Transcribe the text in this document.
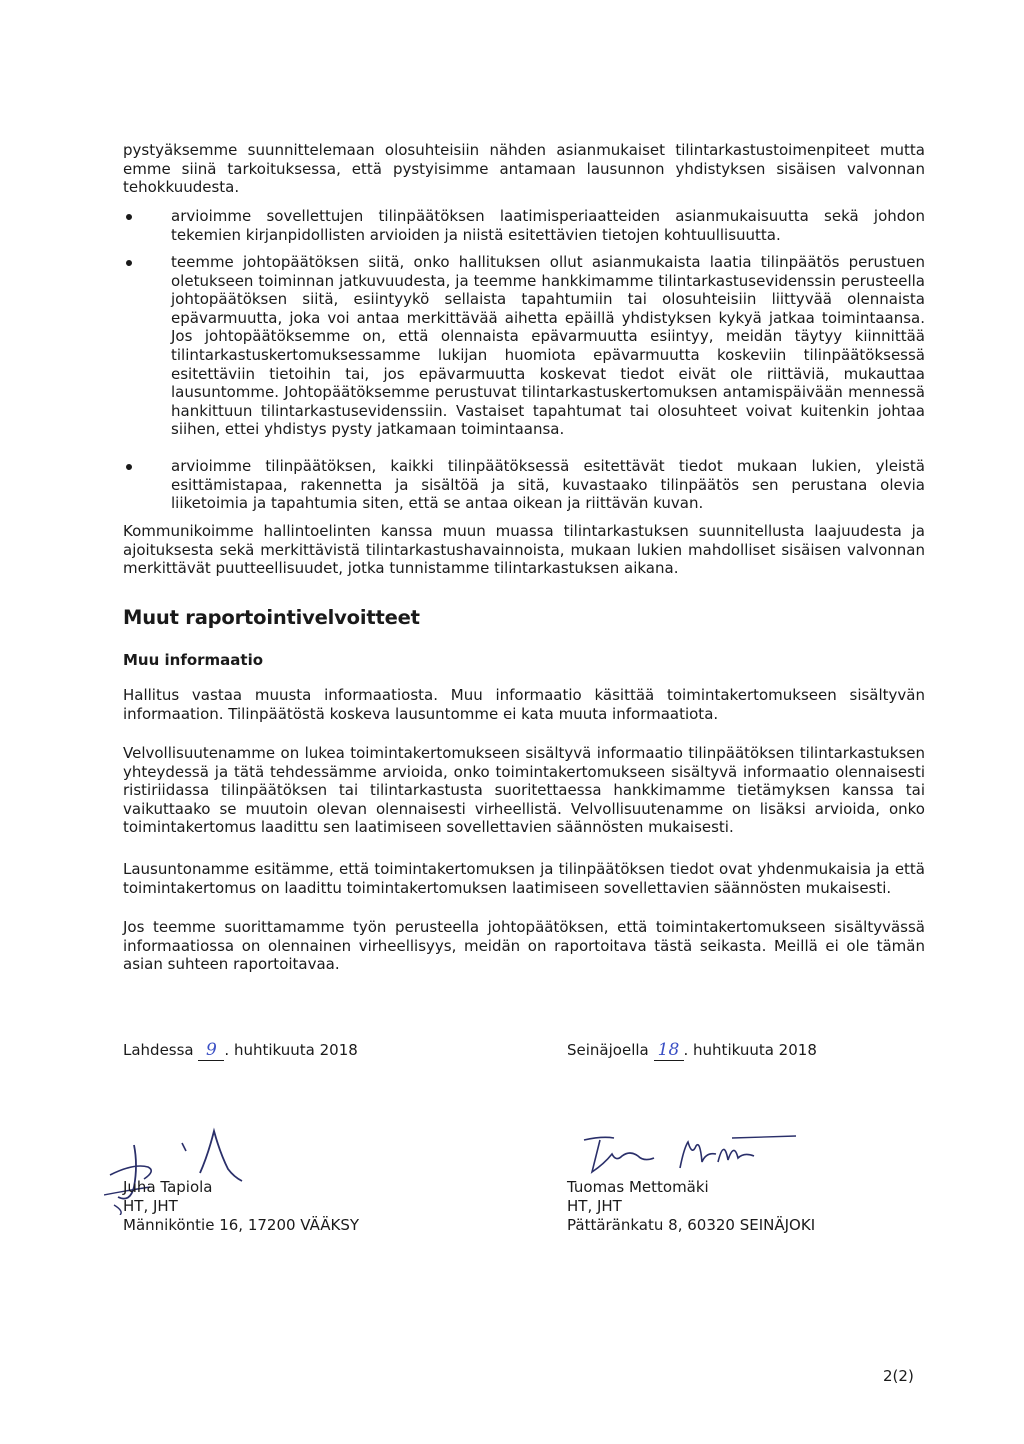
pystyäksemme suunnittelemaan olosuhteisiin nähden asianmukaiset tilintarkastustoimenpiteet mutta emme siinä tarkoituksessa, että pystyisimme antamaan lausunnon yhdistyksen sisäisen valvonnan tehokkuudesta.

arvioimme sovellettujen tilinpäätöksen laatimisperiaatteiden asianmukaisuutta sekä johdon tekemien kirjanpidollisten arvioiden ja niistä esitettävien tietojen kohtuullisuutta.

teemme johtopäätöksen siitä, onko hallituksen ollut asianmukaista laatia tilinpäätös perustuen oletukseen toiminnan jatkuvuudesta, ja teemme hankkimamme tilintarkastusevidenssin perusteella johtopäätöksen siitä, esiintyykö sellaista tapahtumiin tai olosuhteisiin liittyvää olennaista epävarmuutta, joka voi antaa merkittävää aihetta epäillä yhdistyksen kykyä jatkaa toimintaansa. Jos johtopäätöksemme on, että olennaista epävarmuutta esiintyy, meidän täytyy kiinnittää tilintarkastuskertomuksessamme lukijan huomiota epävarmuutta koskeviin tilinpäätöksessä esitettäviin tietoihin tai, jos epävarmuutta koskevat tiedot eivät ole riittäviä, mukauttaa lausuntomme. Johtopäätöksemme perustuvat tilintarkastuskertomuksen antamispäivään mennessä hankittuun tilintarkastusevidenssiin. Vastaiset tapahtumat tai olosuhteet voivat kuitenkin johtaa siihen, ettei yhdistys pysty jatkamaan toimintaansa.

arvioimme tilinpäätöksen, kaikki tilinpäätöksessä esitettävät tiedot mukaan lukien, yleistä esittämistapaa, rakennetta ja sisältöä ja sitä, kuvastaako tilinpäätös sen perustana olevia liiketoimia ja tapahtumia siten, että se antaa oikean ja riittävän kuvan.

Kommunikoimme hallintoelinten kanssa muun muassa tilintarkastuksen suunnitellusta laajuudesta ja ajoituksesta sekä merkittävistä tilintarkastushavainnoista, mukaan lukien mahdolliset sisäisen valvonnan merkittävät puutteellisuudet, jotka tunnistamme tilintarkastuksen aikana.

Muut raportointivelvoitteet
Muu informaatio

Hallitus vastaa muusta informaatiosta. Muu informaatio käsittää toimintakertomukseen sisältyvän informaation. Tilinpäätöstä koskeva lausuntomme ei kata muuta informaatiota.

Velvollisuutenamme on lukea toimintakertomukseen sisältyvä informaatio tilinpäätöksen tilintarkastuksen yhteydessä ja tätä tehdessämme arvioida, onko toimintakertomukseen sisältyvä informaatio olennaisesti ristiriidassa tilinpäätöksen tai tilintarkastusta suoritettaessa hankkimamme tietämyksen kanssa tai vaikuttaako se muutoin olevan olennaisesti virheellistä. Velvollisuutenamme on lisäksi arvioida, onko toimintakertomus laadittu sen laatimiseen sovellettavien säännösten mukaisesti.

Lausuntonamme esitämme, että toimintakertomuksen ja tilinpäätöksen tiedot ovat yhdenmukaisia ja että toimintakertomus on laadittu toimintakertomuksen laatimiseen sovellettavien säännösten mukaisesti.

Jos teemme suorittamamme työn perusteella johtopäätöksen, että toimintakertomukseen sisältyvässä informaatiossa on olennainen virheellisyys, meidän on raportoitava tästä seikasta. Meillä ei ole tämän asian suhteen raportoitavaa.

Lahdessa 9 . huhtikuuta 2018	Seinäjoella 18 . huhtikuuta 2018
Juha Tapiola
HT, JHT
Männiköntie 16, 17200 VÄÄKSY
Tuomas Mettomäki
HT, JHT
Pättäränkatu 8, 60320 SEINÄJOKI
2(2)
